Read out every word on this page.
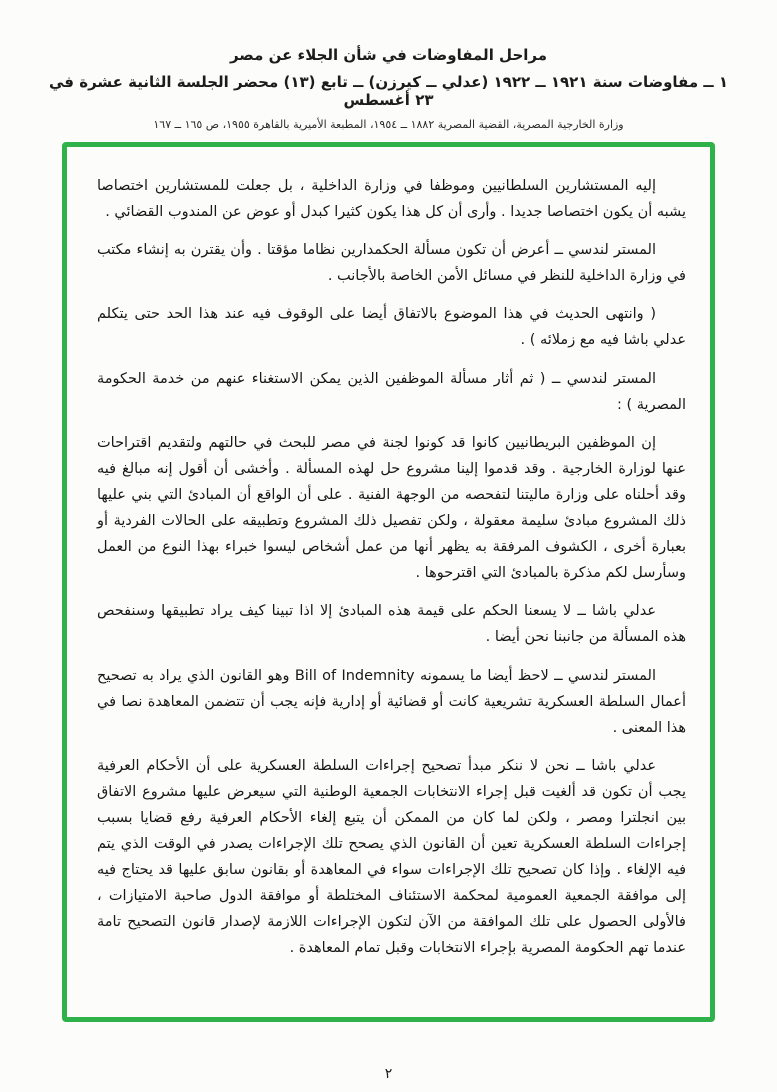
مراحل المفاوضات في شأن الجلاء عن مصر
١ ــ مفاوضات سنة ١٩٢١ ــ ١٩٢٢ (عدلي ــ كيرزن) ــ تابع (١٣) محضر الجلسة الثانية عشرة في ٢٣ أغسطس
وزارة الخارجية المصرية، القضية المصرية ١٨٨٢ ــ ١٩٥٤، المطبعة الأميرية بالقاهرة ١٩٥٥، ص ١٦٥ ــ ١٦٧

إليه المستشارين السلطانيين وموظفا في وزارة الداخلية ، بل جعلت للمستشارين اختصاصا يشبه أن يكون اختصاصا جديدا . وأرى أن كل هذا يكون كثيرا كبدل أو عوض عن المندوب القضائي .

المستر لندسي ــ أعرض أن تكون مسألة الحكمدارين نظاما مؤقتا . وأن يقترن به إنشاء مكتب في وزارة الداخلية للنظر في مسائل الأمن الخاصة بالأجانب .

( وانتهى الحديث في هذا الموضوع بالاتفاق أيضا على الوقوف فيه عند هذا الحد حتى يتكلم عدلي باشا فيه مع زملائه ) .

المستر لندسي ــ ( ثم أثار مسألة الموظفين الذين يمكن الاستغناء عنهم من خدمة الحكومة المصرية ) :

إن الموظفين البريطانيين كانوا قد كونوا لجنة في مصر للبحث في حالتهم ولتقديم اقتراحات عنها لوزارة الخارجية . وقد قدموا إلينا مشروع حل لهذه المسألة . وأخشى أن أقول إنه مبالغ فيه وقد أحلناه على وزارة ماليتنا لتفحصه من الوجهة الفنية . على أن الواقع أن المبادئ التي بني عليها ذلك المشروع مبادئ سليمة معقولة ، ولكن تفصيل ذلك المشروع وتطبيقه على الحالات الفردية أو بعبارة أخرى ، الكشوف المرفقة به يظهر أنها من عمل أشخاص ليسوا خبراء بهذا النوع من العمل وسأرسل لكم مذكرة بالمبادئ التي اقترحوها .

عدلي باشا ــ لا يسعنا الحكم على قيمة هذه المبادئ إلا اذا تبينا كيف يراد تطبيقها وسنفحص هذه المسألة من جانبنا نحن أيضا .

المستر لندسي ــ لاحظ أيضا ما يسمونه Bill of Indemnity وهو القانون الذي يراد به تصحيح أعمال السلطة العسكرية تشريعية كانت أو قضائية أو إدارية فإنه يجب أن تتضمن المعاهدة نصا في هذا المعنى .

عدلي باشا ــ نحن لا ننكر مبدأ تصحيح إجراءات السلطة العسكرية على أن الأحكام العرفية يجب أن تكون قد ألغيت قبل إجراء الانتخابات الجمعية الوطنية التي سيعرض عليها مشروع الاتفاق بين انجلترا ومصر ، ولكن لما كان من الممكن أن يتبع إلغاء الأحكام العرفية رفع قضايا بسبب إجراءات السلطة العسكرية تعين أن القانون الذي يصحح تلك الإجراءات يصدر في الوقت الذي يتم فيه الإلغاء . وإذا كان تصحيح تلك الإجراءات سواء في المعاهدة أو بقانون سابق عليها قد يحتاج فيه إلى موافقة الجمعية العمومية لمحكمة الاستئناف المختلطة أو موافقة الدول صاحبة الامتيازات ، فالأولى الحصول على تلك الموافقة من الآن لتكون الإجراءات اللازمة لإصدار قانون التصحيح تامة عندما تهم الحكومة المصرية بإجراء الانتخابات وقبل تمام المعاهدة .

٢
